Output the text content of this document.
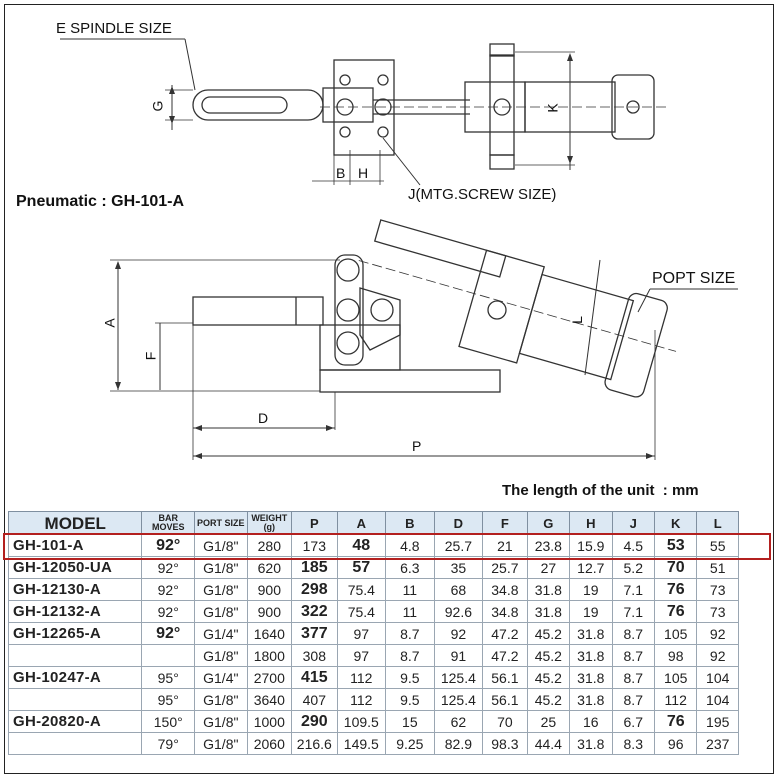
E SPINDLE SIZE
G
B H
K
J(MTG.SCREW SIZE)
Pneumatic : GH-101-A
POPT SIZE
A
F
L
D
P
The length of the unit  : mm
MODEL	BAR MOVES	PORT SIZE	WEIGHT (g)	P	A	B	D	F	G	H	J	K	L
GH-101-A	92°	G1/8"	280	173	48	4.8	25.7	21	23.8	15.9	4.5	53	55
GH-12050-UA	92°	G1/8"	620	185	57	6.3	35	25.7	27	12.7	5.2	70	51
GH-12130-A	92°	G1/8"	900	298	75.4	11	68	34.8	31.8	19	7.1	76	73
GH-12132-A	92°	G1/8"	900	322	75.4	11	92.6	34.8	31.8	19	7.1	76	73
GH-12265-A	92°	G1/4"	1640	377	97	8.7	92	47.2	45.2	31.8	8.7	105	92
		G1/8"	1800	308	97	8.7	91	47.2	45.2	31.8	8.7	98	92
GH-10247-A	95°	G1/4"	2700	415	112	9.5	125.4	56.1	45.2	31.8	8.7	105	104
	95°	G1/8"	3640	407	112	9.5	125.4	56.1	45.2	31.8	8.7	112	104
GH-20820-A	150°	G1/8"	1000	290	109.5	15	62	70	25	16	6.7	76	195
	79°	G1/8"	2060	216.6	149.5	9.25	82.9	98.3	44.4	31.8	8.3	96	237
